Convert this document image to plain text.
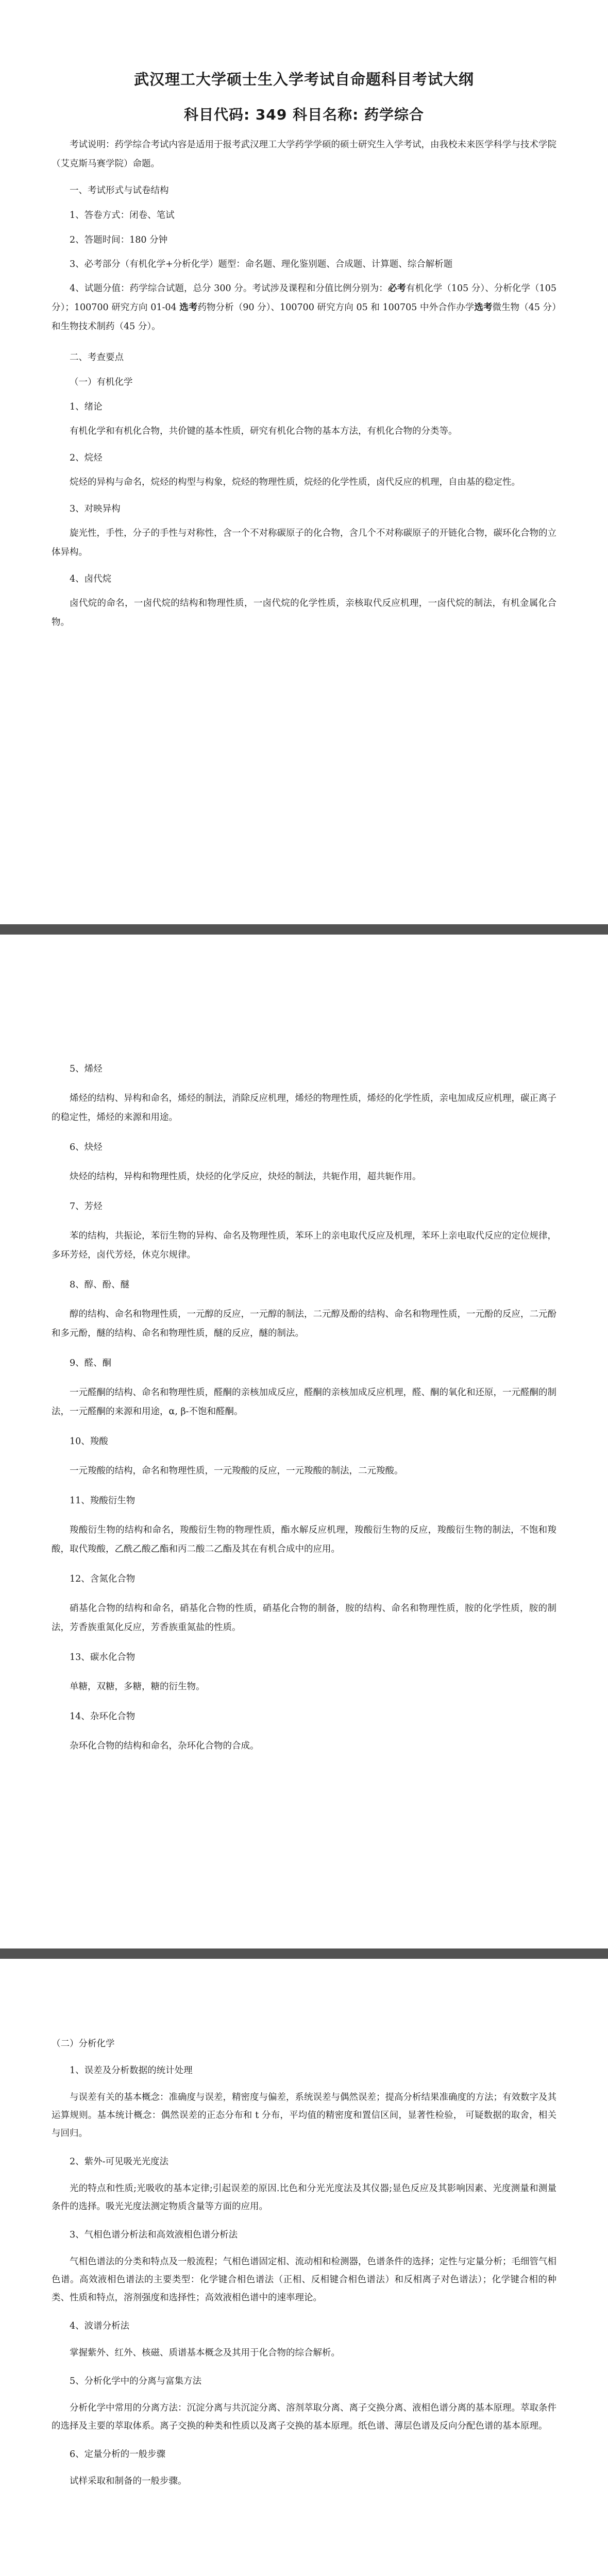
武汉理工大学硕士生入学考试自命题科目考试大纲
科目代码: 349 科目名称: 药学综合

考试说明：药学综合考试内容是适用于报考武汉理工大学药学学硕的硕士研究生入学考试，由我校未来医学科学与技术学院（艾克斯马赛学院）命题。

一、考试形式与试卷结构
1、答卷方式：闭卷、笔试
2、答题时间：180 分钟

3、必考部分（有机化学+分析化学）题型：命名题、理化鉴别题、合成题、计算题、综合解析题

4、试题分值：药学综合试题，总分 300 分。考试涉及课程和分值比例分别为：必考有机化学（105 分）、分析化学（105 分）；100700 研究方向 01-04 选考药物分析（90 分）、100700 研究方向 05 和 100705 中外合作办学选考微生物（45 分）和生物技术制药（45 分）。

二、考查要点
（一）有机化学
1、绪论

有机化学和有机化合物，共价键的基本性质，研究有机化合物的基本方法，有机化合物的分类等。

2、烷烃

烷烃的异构与命名，烷烃的构型与构象，烷烃的物理性质，烷烃的化学性质，卤代反应的机理，自由基的稳定性。

3、对映异构

旋光性，手性，分子的手性与对称性，含一个不对称碳原子的化合物，含几个不对称碳原子的开链化合物，碳环化合物的立体异构。

4、卤代烷

卤代烷的命名，一卤代烷的结构和物理性质，一卤代烷的化学性质，亲核取代反应机理，一卤代烷的制法，有机金属化合物。

5、烯烃

烯烃的结构、异构和命名，烯烃的制法，消除反应机理，烯烃的物理性质，烯烃的化学性质，亲电加成反应机理，碳正离子的稳定性，烯烃的来源和用途。

6、炔烃

炔烃的结构，异构和物理性质，炔烃的化学反应，炔烃的制法，共轭作用，超共轭作用。

7、芳烃

苯的结构，共振论，苯衍生物的异构、命名及物理性质，苯环上的亲电取代反应及机理，苯环上亲电取代反应的定位规律，多环芳烃，卤代芳烃，休克尔规律。

8、醇、酚、醚

醇的结构、命名和物理性质，一元醇的反应，一元醇的制法，二元醇及酚的结构、命名和物理性质，一元酚的反应，二元酚和多元酚，醚的结构、命名和物理性质，醚的反应，醚的制法。

9、醛、酮

一元醛酮的结构、命名和物理性质，醛酮的亲核加成反应，醛酮的亲核加成反应机理，醛、酮的氧化和还原，一元醛酮的制法，一元醛酮的来源和用途，α, β-不饱和醛酮。

10、羧酸

一元羧酸的结构，命名和物理性质，一元羧酸的反应，一元羧酸的制法，二元羧酸。

11、羧酸衍生物

羧酸衍生物的结构和命名，羧酸衍生物的物理性质，酯水解反应机理，羧酸衍生物的反应，羧酸衍生物的制法，不饱和羧酸，取代羧酸，乙酰乙酸乙酯和丙二酸二乙酯及其在有机合成中的应用。

12、含氮化合物

硝基化合物的结构和命名，硝基化合物的性质，硝基化合物的制备，胺的结构、命名和物理性质，胺的化学性质，胺的制法，芳香族重氮化反应，芳香族重氮盐的性质。

13、碳水化合物

单糖，双糖，多糖，糖的衍生物。

14、杂环化合物

杂环化合物的结构和命名，杂环化合物的合成。

（二）分析化学
1、误差及分析数据的统计处理

与误差有关的基本概念：准确度与误差，精密度与偏差，系统误差与偶然误差；提高分析结果准确度的方法；有效数字及其运算规则。基本统计概念：偶然误差的正态分布和 t 分布，平均值的精密度和置信区间，显著性检验， 可疑数据的取舍，相关与回归。

2、紫外-可见吸光光度法

光的特点和性质;光吸收的基本定律;引起误差的原因.比色和分光光度法及其仪器;显色反应及其影响因素、光度测量和测量条件的选择。吸光光度法测定物质含量等方面的应用。

3、气相色谱分析法和高效液相色谱分析法

气相色谱法的分类和特点及一般流程；气相色谱固定相、流动相和检测器，色谱条件的选择；定性与定量分析；毛细管气相色谱。高效液相色谱法的主要类型：化学键合相色谱法（正相、反相键合相色谱法）和反相离子对色谱法）；化学键合相的种类、性质和特点，溶剂强度和选择性；高效液相色谱中的速率理论。

4、波谱分析法

掌握紫外、红外、核磁、质谱基本概念及其用于化合物的综合解析。

5、分析化学中的分离与富集方法

分析化学中常用的分离方法：沉淀分离与共沉淀分离、溶剂萃取分离、离子交换分离、液相色谱分离的基本原理。萃取条件的选择及主要的萃取体系。离子交换的种类和性质以及离子交换的基本原理。纸色谱、薄层色谱及反向分配色谱的基本原理。

6、定量分析的一般步骤

试样采取和制备的一般步骤。
